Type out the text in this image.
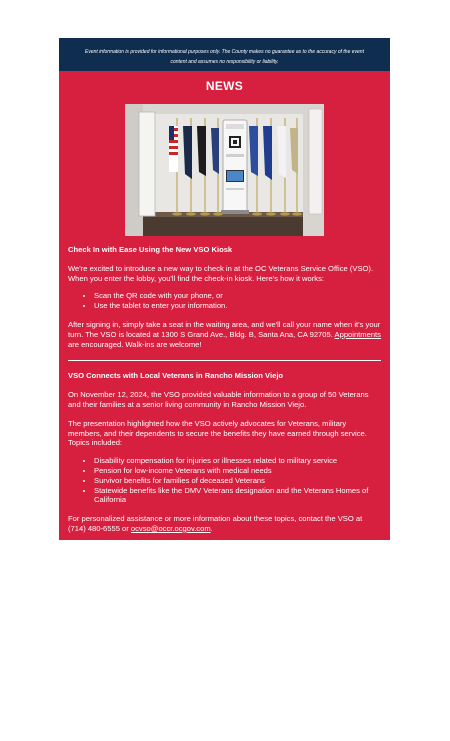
Event information is provided for informational purposes only. The County makes no guarantee as to the accuracy of the event
content and assumes no responsibility or liability.
NEWS
Check In with Ease Using the New VSO Kiosk
We're excited to introduce a new way to check in at the OC Veterans Service Office (VSO). When you enter the lobby, you'll find the check-in kiosk. Here's how it works:
• Scan the QR code with your phone, or
• Use the tablet to enter your information.
After signing in, simply take a seat in the waiting area, and we'll call your name when it's your turn. The VSO is located at 1300 S Grand Ave., Bldg. B, Santa Ana, CA 92705. Appointments are encouraged. Walk-ins are welcome!
VSO Connects with Local Veterans in Rancho Mission Viejo
On November 12, 2024, the VSO provided valuable information to a group of 50 Veterans and their families at a senior living community in Rancho Mission Viejo.
The presentation highlighted how the VSO actively advocates for Veterans, military members, and their dependents to secure the benefits they have earned through service. Topics included:
• Disability compensation for injuries or illnesses related to military service
• Pension for low-income Veterans with medical needs
• Survivor benefits for families of deceased Veterans
• Statewide benefits like the DMV Veterans designation and the Veterans Homes of California
For personalized assistance or more information about these topics, contact the VSO at (714) 480-6555 or ocvso@occr.ocgov.com.
